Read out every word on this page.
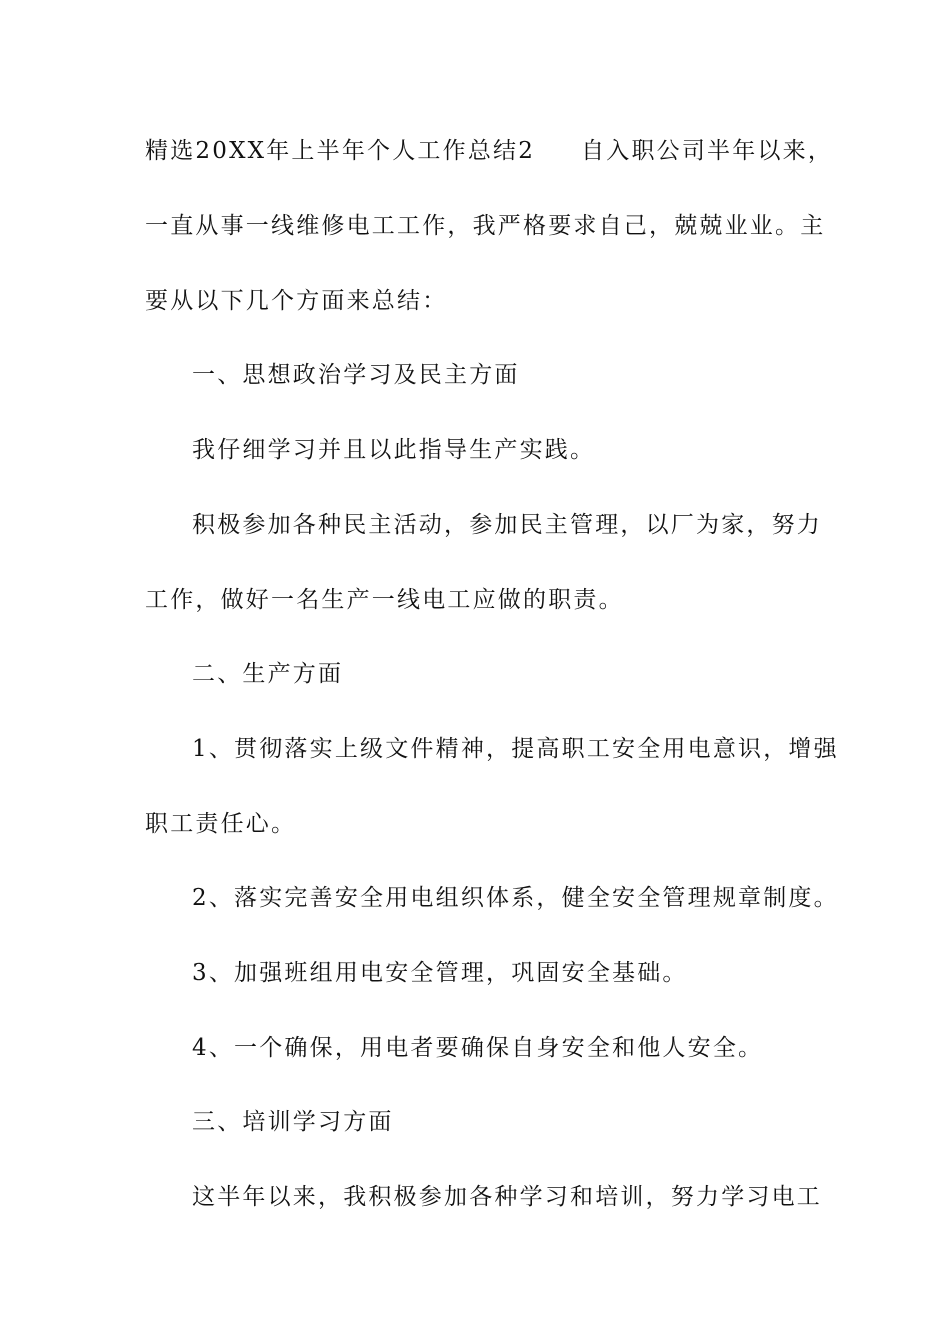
精选20XX年上半年个人工作总结2 自入职公司半年以来，
一直从事一线维修电工工作，我严格要求自己，兢兢业业。主
要从以下几个方面来总结：
一、思想政治学习及民主方面
我仔细学习并且以此指导生产实践。
积极参加各种民主活动，参加民主管理，以厂为家，努力
工作，做好一名生产一线电工应做的职责。
二、生产方面
1、贯彻落实上级文件精神，提高职工安全用电意识，增强
职工责任心。
2、落实完善安全用电组织体系，健全安全管理规章制度。
3、加强班组用电安全管理，巩固安全基础。
4、一个确保，用电者要确保自身安全和他人安全。
三、培训学习方面
这半年以来，我积极参加各种学习和培训，努力学习电工
